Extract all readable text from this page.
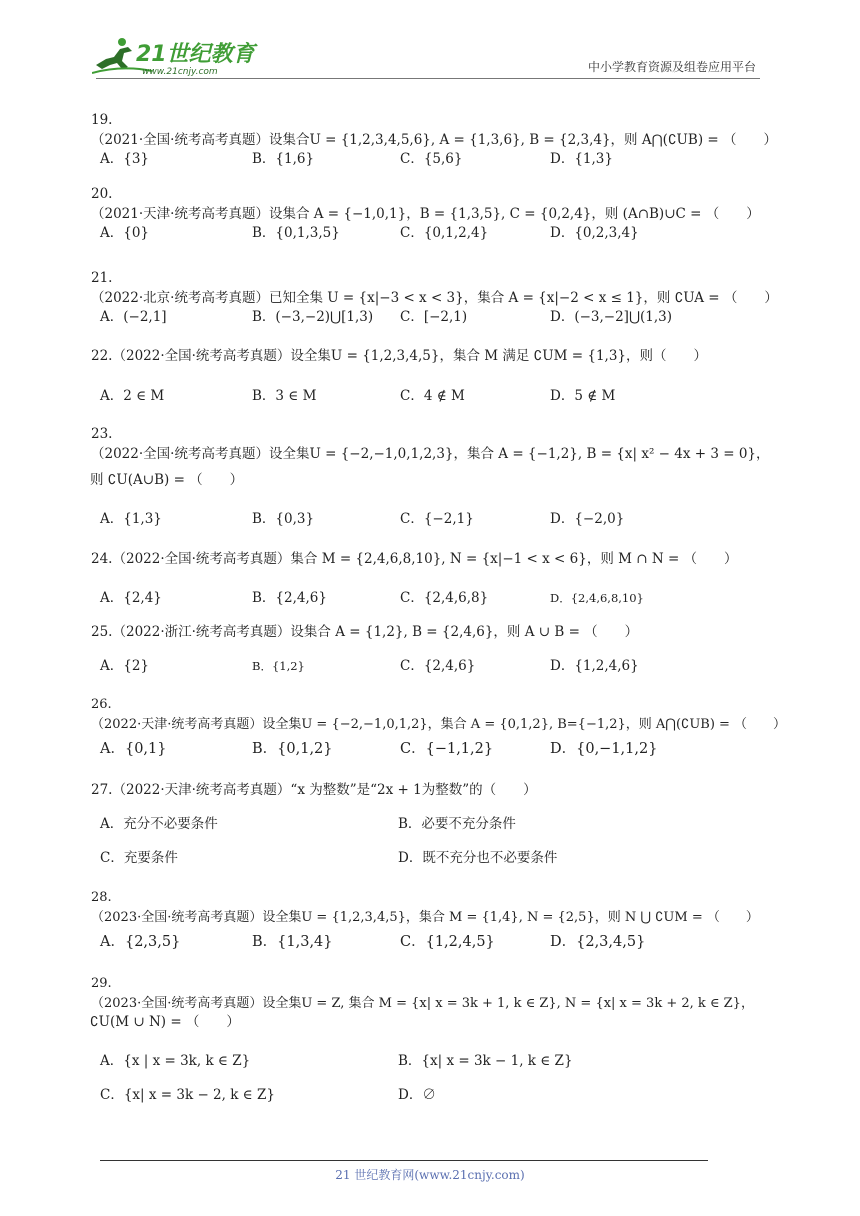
21世纪教育
www.21cnjy.com	中小学教育资源及组卷应用平台
19.（2021·全国·统考高考真题）设集合U = {1,2,3,4,5,6}, A = {1,3,6}, B = {2,3,4}，则 A⋂(∁UB) = （　　）
A．{3}	B．{1,6}	C．{5,6}	D．{1,3}
20.（2021·天津·统考高考真题）设集合 A = {−1,0,1}，B = {1,3,5}, C = {0,2,4}，则 (A∩B)∪C = （　　）
A．{0}	B．{0,1,3,5}	C．{0,1,2,4}	D．{0,2,3,4}
21.（2022·北京·统考高考真题）已知全集 U = {x|−3 < x < 3}，集合 A = {x|−2 < x ≤ 1}，则 ∁UA = （　　）
A．(−2,1]	B．(−3,−2)⋃[1,3) C．[−2,1)	D．(−3,−2]⋃(1,3)
22.（2022·全国·统考高考真题）设全集U = {1,2,3,4,5}，集合 M 满足 ∁UM = {1,3}，则（　　）
A．2 ∈ M	B．3 ∈ M	C．4 ∉ M	D．5 ∉ M
23.（2022·全国·统考高考真题）设全集U = {−2,−1,0,1,2,3}，集合 A = {−1,2}, B = {x| x² − 4x + 3 = 0}，
则 ∁U(A∪B) = （　　）
A．{1,3}	B．{0,3}	C．{−2,1}	D．{−2,0}
24.（2022·全国·统考高考真题）集合 M = {2,4,6,8,10}, N = {x|−1 < x < 6}，则 M ∩ N = （　　）
A．{2,4}	B．{2,4,6}	C．{2,4,6,8}	D．{2,4,6,8,10}
25.（2022·浙江·统考高考真题）设集合 A = {1,2}, B = {2,4,6}，则 A ∪ B = （　　）
A．{2}	B．{1,2}	C．{2,4,6}	D．{1,2,4,6}
26.（2022·天津·统考高考真题）设全集U = {−2,−1,0,1,2}，集合 A = {0,1,2}, B={−1,2}，则 A⋂(∁UB) = （　　）
A．{0,1}	B．{0,1,2}	C．{−1,1,2}	D．{0,−1,1,2}
27.（2022·天津·统考高考真题）“x 为整数”是“2x + 1为整数”的（　　）
A．充分不必要条件	B．必要不充分条件
C．充要条件	D．既不充分也不必要条件
28.（2023·全国·统考高考真题）设全集U = {1,2,3,4,5}，集合 M = {1,4}, N = {2,5}，则 N ⋃ ∁UM = （　　）
A．{2,3,5}	B．{1,3,4}	C．{1,2,4,5}	D．{2,3,4,5}
29.（2023·全国·统考高考真题）设全集U = Z, 集合 M = {x| x = 3k + 1, k ∈ Z}, N = {x| x = 3k + 2, k ∈ Z}，
∁U(M ∪ N) = （　　）
A．{x | x = 3k, k ∈ Z}	B．{x| x = 3k − 1, k ∈ Z}
C．{x| x = 3k − 2, k ∈ Z}	D．∅
21 世纪教育网(www.21cnjy.com)
